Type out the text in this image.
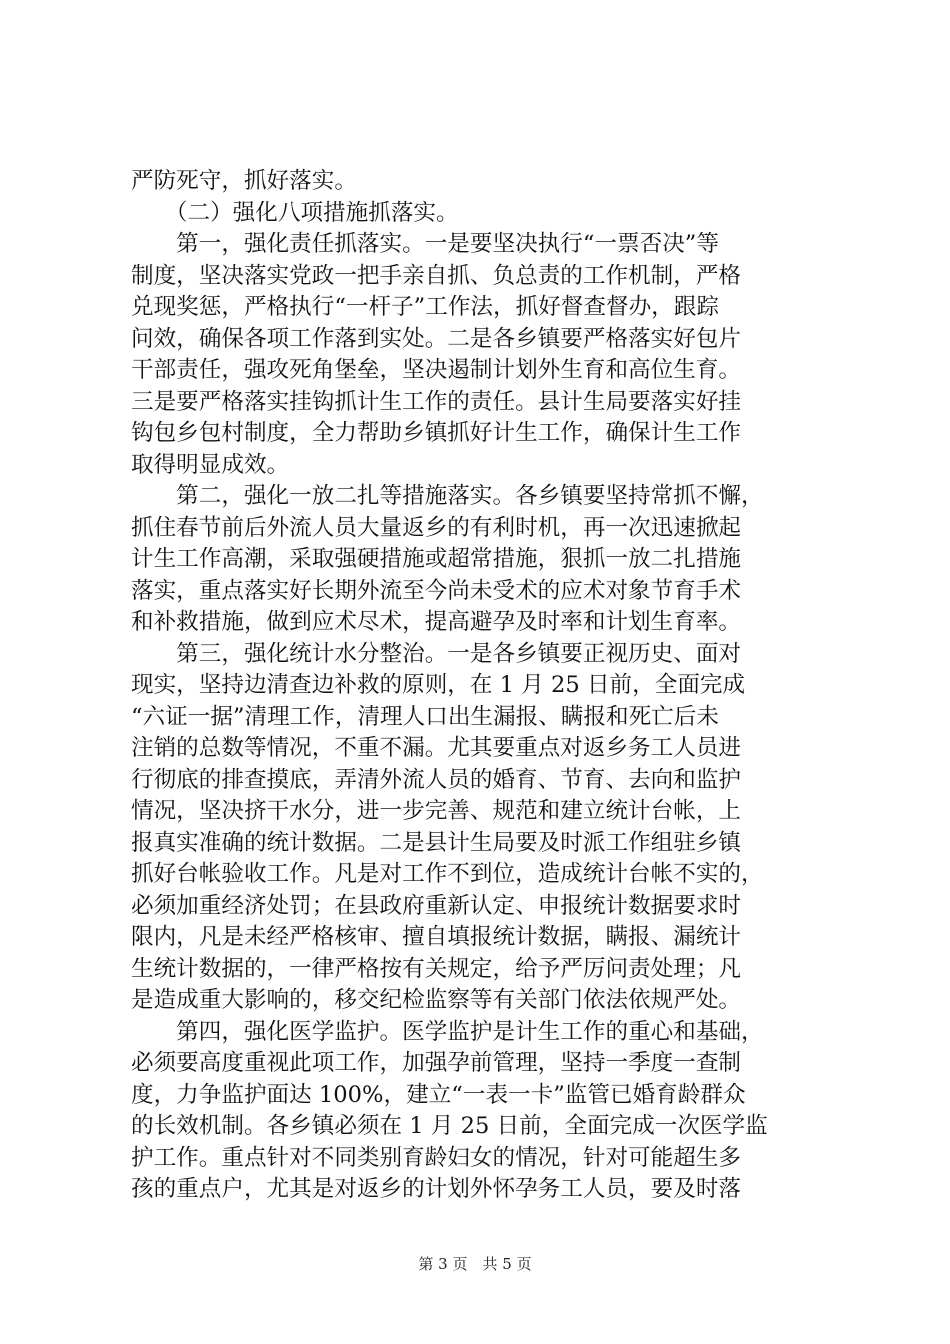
严防死守，抓好落实。
　　（二）强化八项措施抓落实。
　　第一，强化责任抓落实。一是要坚决执行“一票否决”等
制度，坚决落实党政一把手亲自抓、负总责的工作机制，严格
兑现奖惩，严格执行“一杆子”工作法，抓好督查督办，跟踪
问效，确保各项工作落到实处。二是各乡镇要严格落实好包片
干部责任，强攻死角堡垒，坚决遏制计划外生育和高位生育。
三是要严格落实挂钩抓计生工作的责任。县计生局要落实好挂
钩包乡包村制度，全力帮助乡镇抓好计生工作，确保计生工作
取得明显成效。
　　第二，强化一放二扎等措施落实。各乡镇要坚持常抓不懈，
抓住春节前后外流人员大量返乡的有利时机，再一次迅速掀起
计生工作高潮，采取强硬措施或超常措施，狠抓一放二扎措施
落实，重点落实好长期外流至今尚未受术的应术对象节育手术
和补救措施，做到应术尽术，提高避孕及时率和计划生育率。
　　第三，强化统计水分整治。一是各乡镇要正视历史、面对
现实，坚持边清查边补救的原则，在 1 月 25 日前，全面完成
“六证一据”清理工作，清理人口出生漏报、瞒报和死亡后未
注销的总数等情况，不重不漏。尤其要重点对返乡务工人员进
行彻底的排查摸底，弄清外流人员的婚育、节育、去向和监护
情况，坚决挤干水分，进一步完善、规范和建立统计台帐，上
报真实准确的统计数据。二是县计生局要及时派工作组驻乡镇
抓好台帐验收工作。凡是对工作不到位，造成统计台帐不实的，
必须加重经济处罚；在县政府重新认定、申报统计数据要求时
限内，凡是未经严格核审、擅自填报统计数据，瞒报、漏统计
生统计数据的，一律严格按有关规定，给予严厉问责处理；凡
是造成重大影响的，移交纪检监察等有关部门依法依规严处。
　　第四，强化医学监护。医学监护是计生工作的重心和基础，
必须要高度重视此项工作，加强孕前管理，坚持一季度一查制
度，力争监护面达 100%，建立“一表一卡”监管已婚育龄群众
的长效机制。各乡镇必须在 1 月 25 日前，全面完成一次医学监
护工作。重点针对不同类别育龄妇女的情况，针对可能超生多
孩的重点户，尤其是对返乡的计划外怀孕务工人员，要及时落
第 3 页　共 5 页
